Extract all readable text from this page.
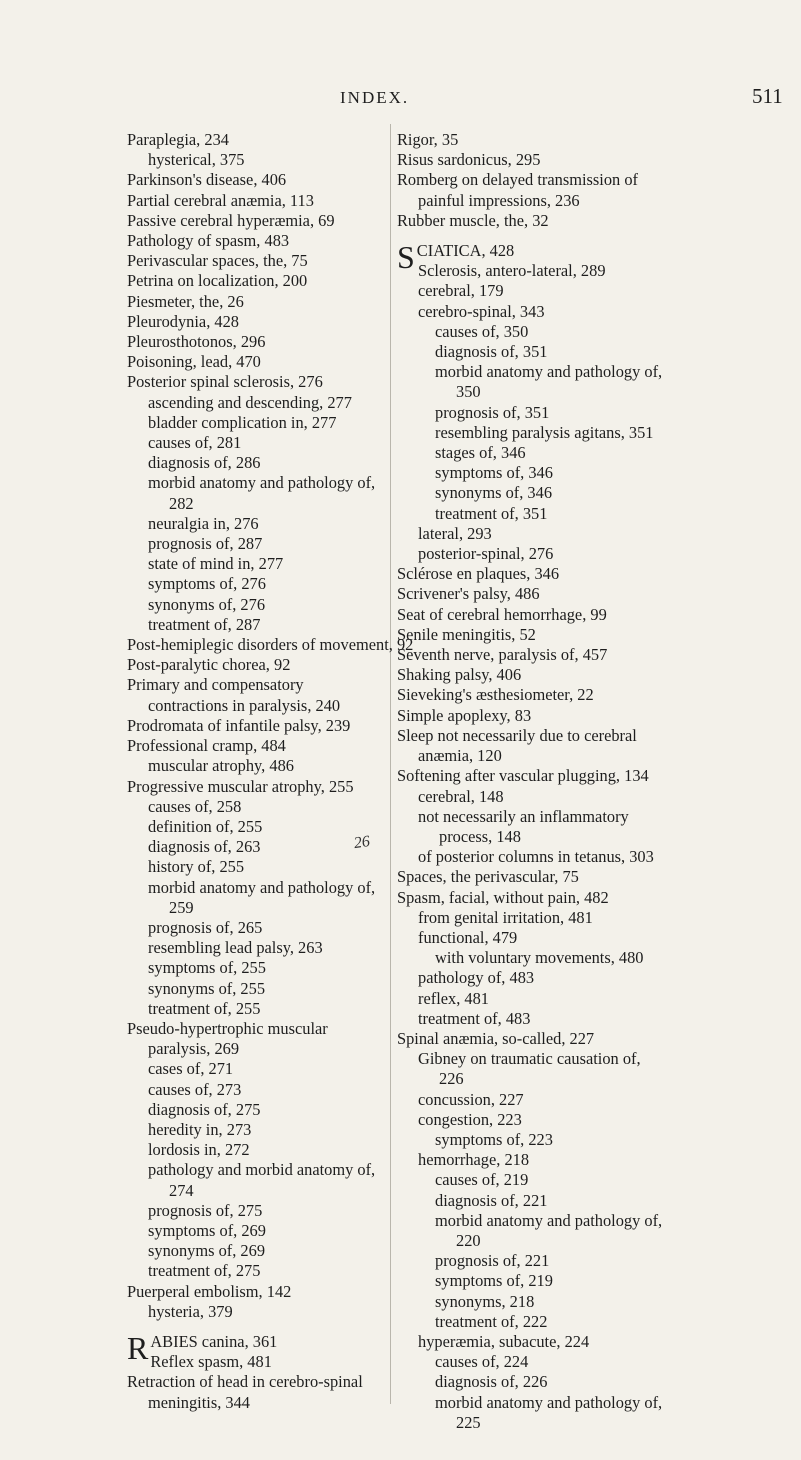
INDEX.	511
Paraplegia, 234
hysterical, 375
Parkinson's disease, 406
Partial cerebral anæmia, 113
Passive cerebral hyperæmia, 69
Pathology of spasm, 483
Perivascular spaces, the, 75
Petrina on localization, 200
Piesmeter, the, 26
Pleurodynia, 428
Pleurosthotonos, 296
Poisoning, lead, 470
Posterior spinal sclerosis, 276
ascending and descending, 277
bladder complication in, 277
causes of, 281
diagnosis of, 286
morbid anatomy and pathology of, 282
neuralgia in, 276
prognosis of, 287
state of mind in, 277
symptoms of, 276
synonyms of, 276
treatment of, 287
Post-hemiplegic disorders of movement, 92
Post-paralytic chorea, 92
Primary and compensatory contractions in paralysis, 240
Prodromata of infantile palsy, 239
Professional cramp, 484
muscular atrophy, 486
Progressive muscular atrophy, 255
causes of, 258
definition of, 255
diagnosis of, 263
history of, 255
morbid anatomy and pathology of, 259
prognosis of, 265
resembling lead palsy, 263
symptoms of, 255
synonyms of, 255
treatment of, 255
Pseudo-hypertrophic muscular paralysis, 269
cases of, 271
causes of, 273
diagnosis of, 275
heredity in, 273
lordosis in, 272
pathology and morbid anatomy of, 274
prognosis of, 275
symptoms of, 269
synonyms of, 269
treatment of, 275
Puerperal embolism, 142
hysteria, 379
RABIES canina, 361
Reflex spasm, 481
Retraction of head in cerebro-spinal meningitis, 344
Rigor, 35
Risus sardonicus, 295
Romberg on delayed transmission of painful impressions, 236
Rubber muscle, the, 32
SCIATICA, 428
Sclerosis, antero-lateral, 289
cerebral, 179
cerebro-spinal, 343
causes of, 350
diagnosis of, 351
morbid anatomy and pathology of, 350
prognosis of, 351
resembling paralysis agitans, 351
stages of, 346
symptoms of, 346
synonyms of, 346
treatment of, 351
lateral, 293
posterior-spinal, 276
Sclérose en plaques, 346
Scrivener's palsy, 486
Seat of cerebral hemorrhage, 99
Senile meningitis, 52
Seventh nerve, paralysis of, 457
Shaking palsy, 406
Sieveking's æsthesiometer, 22
Simple apoplexy, 83
Sleep not necessarily due to cerebral anæmia, 120
Softening after vascular plugging, 134
cerebral, 148
not necessarily an inflammatory process, 148
of posterior columns in tetanus, 303
Spaces, the perivascular, 75
Spasm, facial, without pain, 482
from genital irritation, 481
functional, 479
with voluntary movements, 480
pathology of, 483
reflex, 481
treatment of, 483
Spinal anæmia, so-called, 227
Gibney on traumatic causation of, 226
concussion, 227
congestion, 223
symptoms of, 223
hemorrhage, 218
causes of, 219
diagnosis of, 221
morbid anatomy and pathology of, 220
prognosis of, 221
symptoms of, 219
synonyms, 218
treatment of, 222
hyperæmia, subacute, 224
causes of, 224
diagnosis of, 226
morbid anatomy and pathology of, 225
26
